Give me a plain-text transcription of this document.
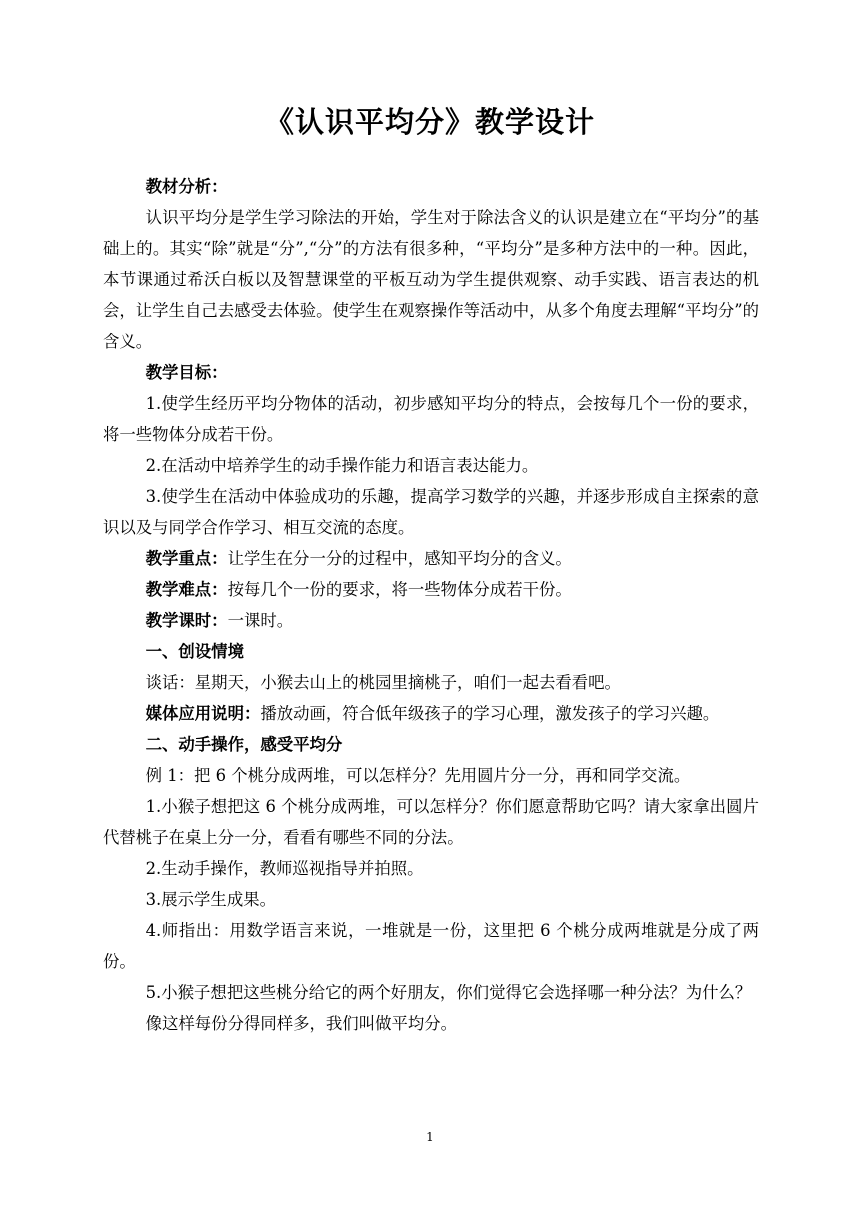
《认识平均分》教学设计

教材分析：

认识平均分是学生学习除法的开始，学生对于除法含义的认识是建立在“平均分”的基础上的。其实“除”就是“分”,“分”的方法有很多种，“平均分”是多种方法中的一种。因此，本节课通过希沃白板以及智慧课堂的平板互动为学生提供观察、动手实践、语言表达的机会，让学生自己去感受去体验。使学生在观察操作等活动中，从多个角度去理解“平均分”的含义。

教学目标：

1.使学生经历平均分物体的活动，初步感知平均分的特点，会按每几个一份的要求，将一些物体分成若干份。

2.在活动中培养学生的动手操作能力和语言表达能力。

3.使学生在活动中体验成功的乐趣，提高学习数学的兴趣，并逐步形成自主探索的意识以及与同学合作学习、相互交流的态度。

教学重点：让学生在分一分的过程中，感知平均分的含义。

教学难点：按每几个一份的要求，将一些物体分成若干份。

教学课时：一课时。

一、创设情境

谈话：星期天，小猴去山上的桃园里摘桃子，咱们一起去看看吧。

媒体应用说明：播放动画，符合低年级孩子的学习心理，激发孩子的学习兴趣。

二、动手操作，感受平均分

例 1：把 6 个桃分成两堆，可以怎样分？先用圆片分一分，再和同学交流。

1.小猴子想把这 6 个桃分成两堆，可以怎样分？你们愿意帮助它吗？请大家拿出圆片代替桃子在桌上分一分，看看有哪些不同的分法。

2.生动手操作，教师巡视指导并拍照。

3.展示学生成果。

4.师指出：用数学语言来说，一堆就是一份，这里把 6 个桃分成两堆就是分成了两份。

5.小猴子想把这些桃分给它的两个好朋友，你们觉得它会选择哪一种分法？为什么？

像这样每份分得同样多，我们叫做平均分。

1
